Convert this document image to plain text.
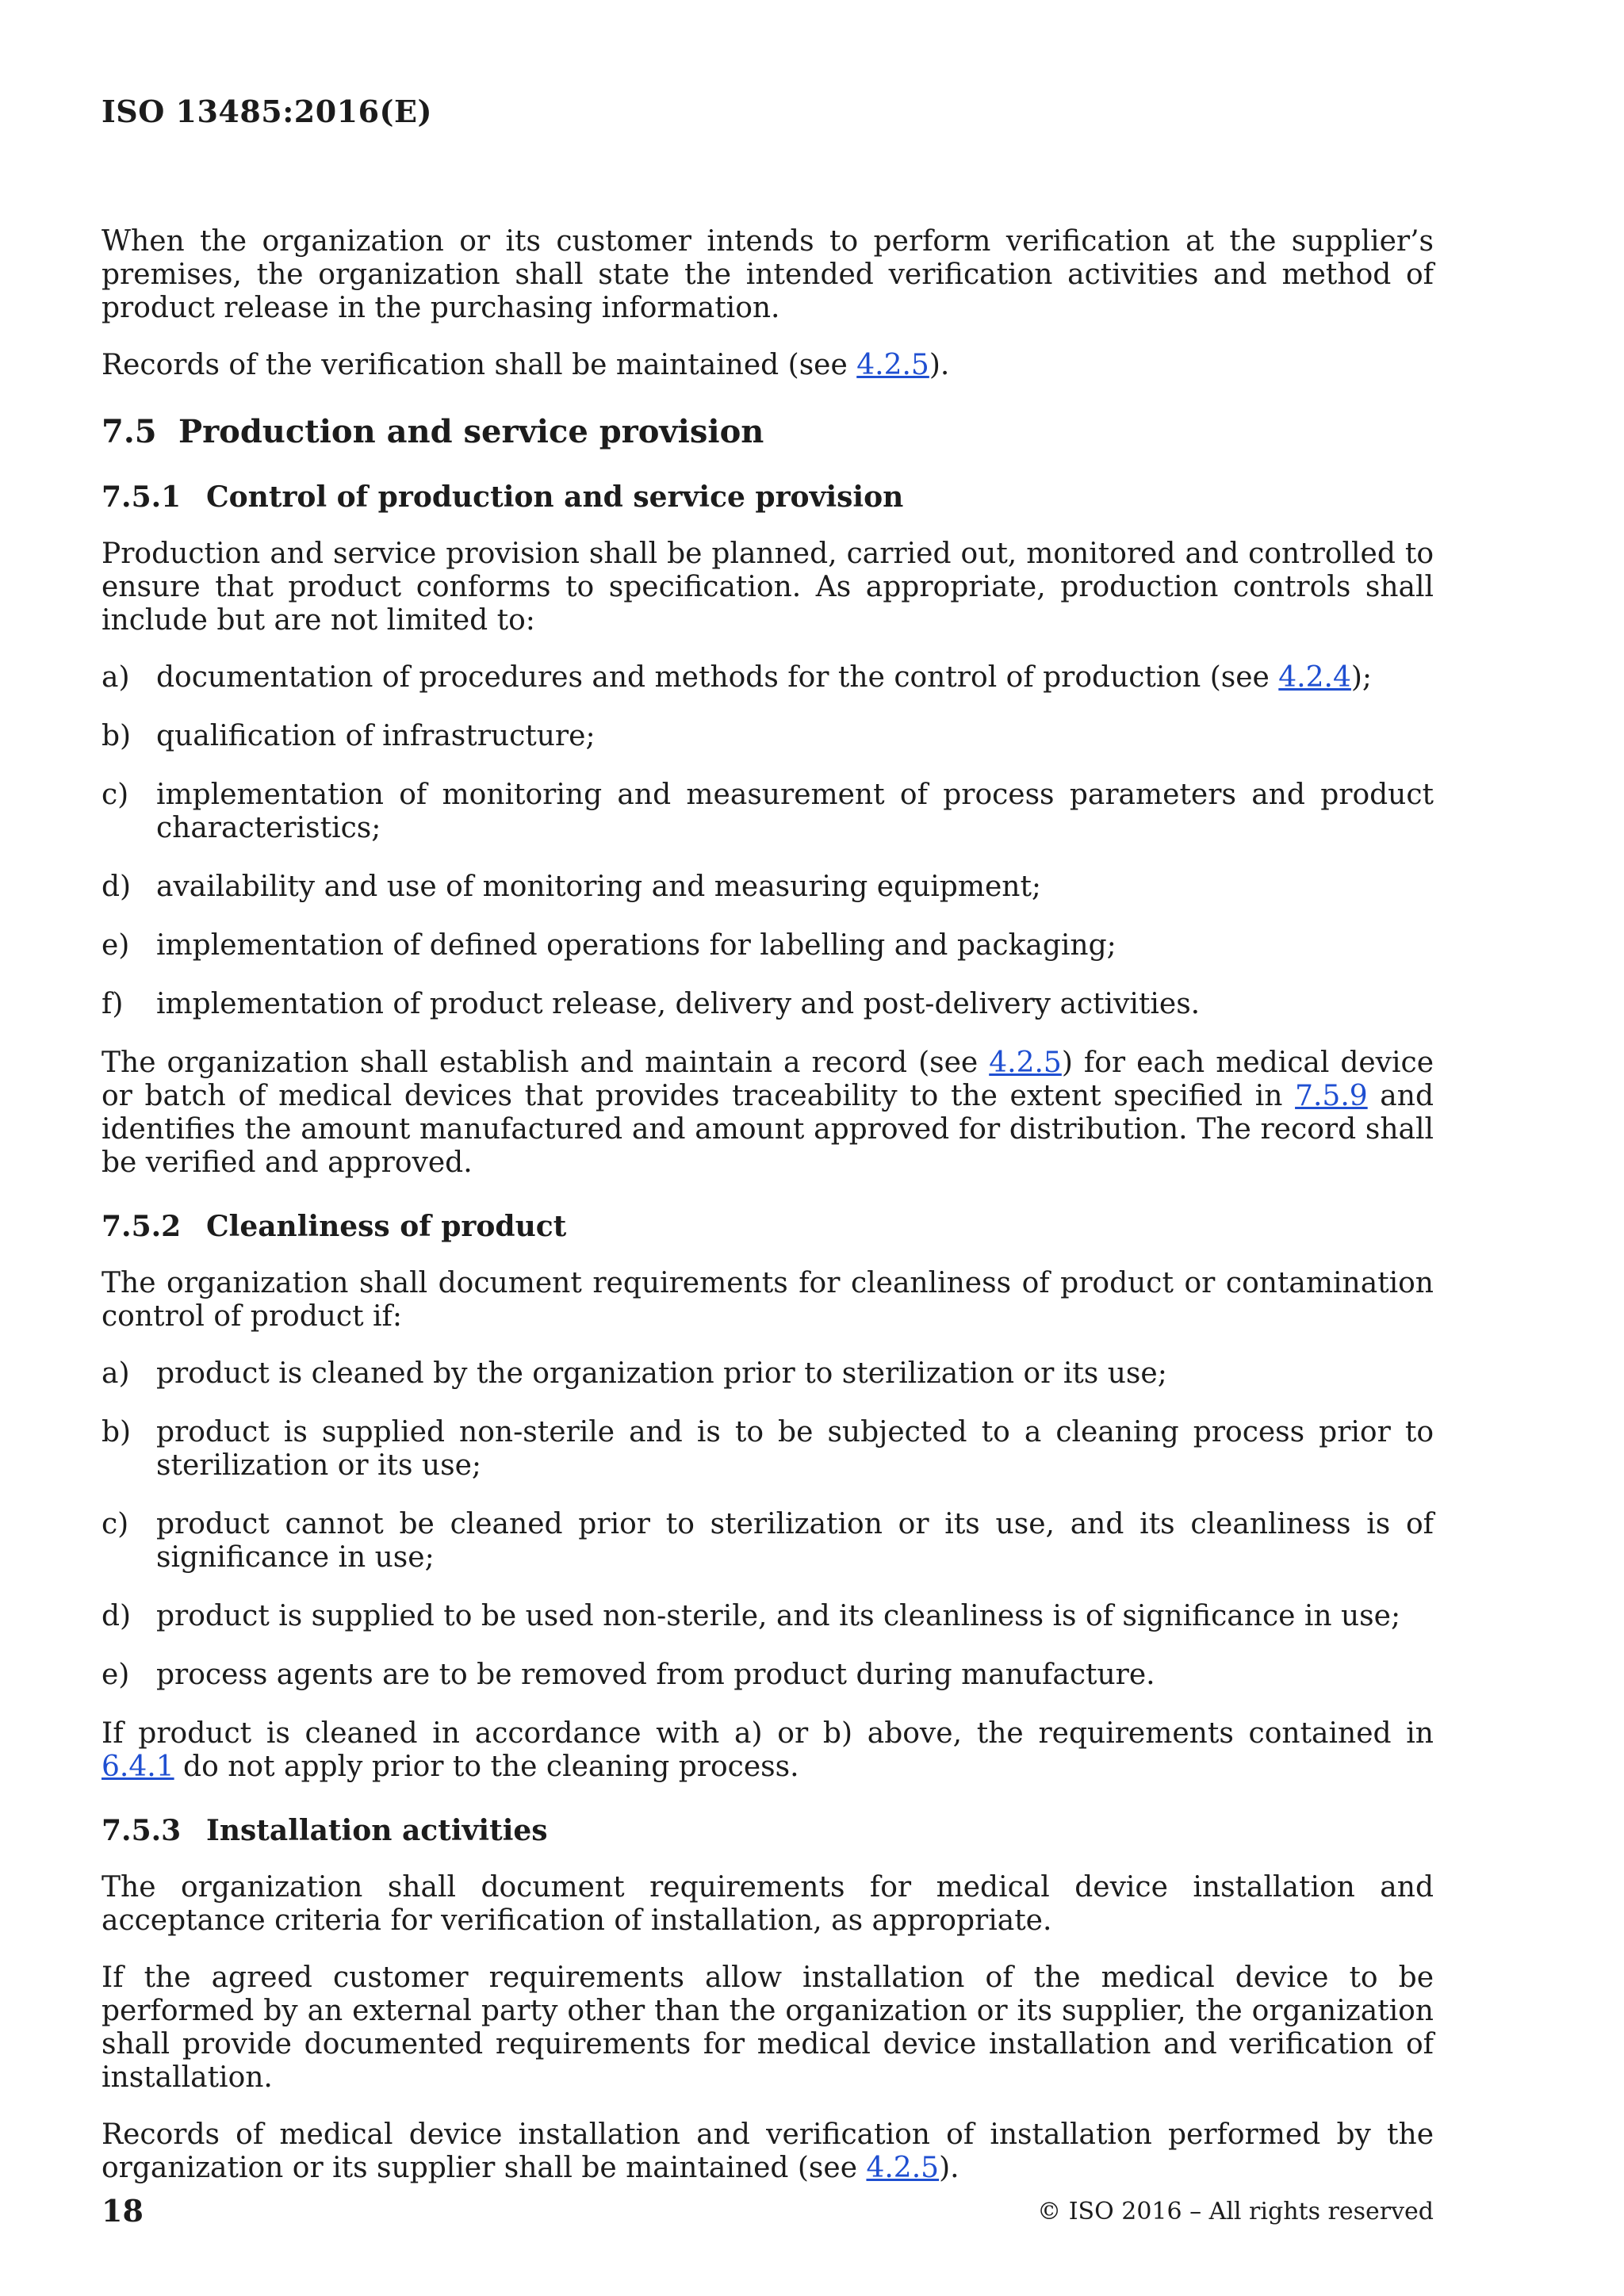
ISO 13485:2016(E)

When the organization or its customer intends to perform verification at the supplier’s premises, the organization shall state the intended verification activities and method of product release in the purchasing information.

Records of the verification shall be maintained (see 4.2.5).

7.5 Production and service provision
7.5.1 Control of production and service provision

Production and service provision shall be planned, carried out, monitored and controlled to ensure that product conforms to specification. As appropriate, production controls shall include but are not limited to:

a) documentation of procedures and methods for the control of production (see 4.2.4);
b) qualification of infrastructure;
c) implementation of monitoring and measurement of process parameters and product characteristics;
d) availability and use of monitoring and measuring equipment;
e) implementation of defined operations for labelling and packaging;
f) implementation of product release, delivery and post-delivery activities.

The organization shall establish and maintain a record (see 4.2.5) for each medical device or batch of medical devices that provides traceability to the extent specified in 7.5.9 and identifies the amount manufactured and amount approved for distribution. The record shall be verified and approved.

7.5.2 Cleanliness of product

The organization shall document requirements for cleanliness of product or contamination control of product if:

a) product is cleaned by the organization prior to sterilization or its use;
b) product is supplied non-sterile and is to be subjected to a cleaning process prior to sterilization or its use;
c) product cannot be cleaned prior to sterilization or its use, and its cleanliness is of significance in use;
d) product is supplied to be used non-sterile, and its cleanliness is of significance in use;
e) process agents are to be removed from product during manufacture.

If product is cleaned in accordance with a) or b) above, the requirements contained in 6.4.1 do not apply prior to the cleaning process.

7.5.3 Installation activities

The organization shall document requirements for medical device installation and acceptance criteria for verification of installation, as appropriate.

If the agreed customer requirements allow installation of the medical device to be performed by an external party other than the organization or its supplier, the organization shall provide documented requirements for medical device installation and verification of installation.

Records of medical device installation and verification of installation performed by the organization or its supplier shall be maintained (see 4.2.5).

18	© ISO 2016 – All rights reserved
